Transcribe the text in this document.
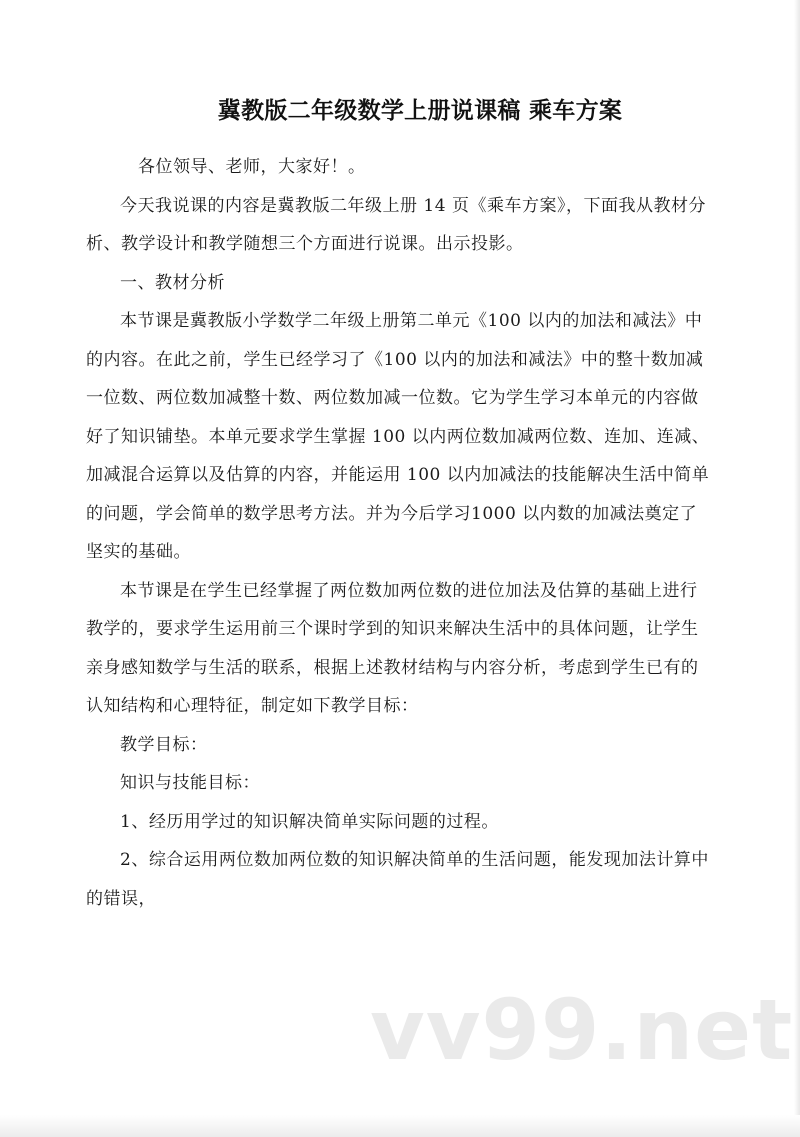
冀教版二年级数学上册说课稿 乘车方案

各位领导、老师，大家好！。

今天我说课的内容是冀教版二年级上册 14 页《乘车方案》，下面我从教材分析、教学设计和教学随想三个方面进行说课。出示投影。

一、教材分析

本节课是冀教版小学数学二年级上册第二单元《100 以内的加法和减法》中的内容。在此之前，学生已经学习了《100 以内的加法和减法》中的整十数加减一位数、两位数加减整十数、两位数加减一位数。它为学生学习本单元的内容做好了知识铺垫。本单元要求学生掌握 100 以内两位数加减两位数、连加、连减、加减混合运算以及估算的内容，并能运用 100 以内加减法的技能解决生活中简单的问题，学会简单的数学思考方法。并为今后学习1000 以内数的加减法奠定了坚实的基础。

本节课是在学生已经掌握了两位数加两位数的进位加法及估算的基础上进行教学的，要求学生运用前三个课时学到的知识来解决生活中的具体问题，让学生亲身感知数学与生活的联系，根据上述教材结构与内容分析，考虑到学生已有的认知结构和心理特征，制定如下教学目标：

教学目标：

知识与技能目标：

1、经历用学过的知识解决简单实际问题的过程。

2、综合运用两位数加两位数的知识解决简单的生活问题，能发现加法计算中的错误，

vv99.net
